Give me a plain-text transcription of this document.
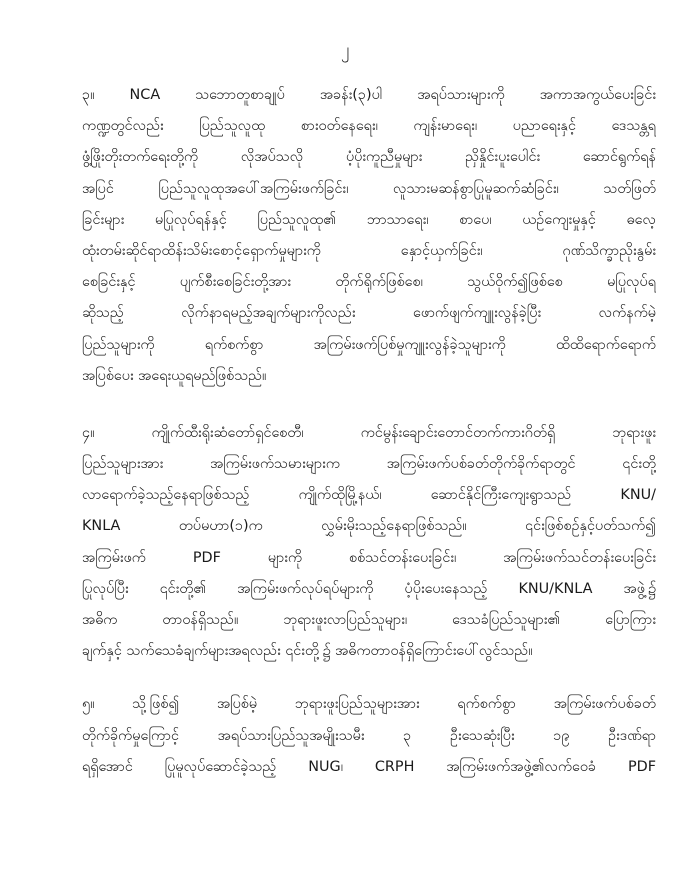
၂
၃။ NCA သဘောတူစာချုပ် အခန်း(၃)ပါ အရပ်သားများကို အကာအကွယ်ပေးခြင်း
ကဏ္ဍတွင်လည်း ပြည်သူလူထု စားဝတ်နေရေး၊ ကျန်းမာရေး၊ ပညာရေးနှင့် ဒေသန္တရ
ဖွံ့ဖြိုးတိုးတက်ရေးတို့ကို လိုအပ်သလို ပံ့ပိုးကူညီမှုများ ညှိနှိုင်းပူးပေါင်း ဆောင်ရွက်ရန်
အပြင် ပြည်သူလူထုအပေါ်အကြမ်းဖက်ခြင်း၊ လူသားမဆန်စွာပြုမူဆက်ဆံခြင်း၊ သတ်ဖြတ်
ခြင်းများ မပြုလုပ်ရန်နှင့် ပြည်သူလူထု၏ ဘာသာရေး၊ စာပေ၊ ယဉ်ကျေးမှုနှင့် ဓလေ့
ထုံးတမ်းဆိုင်ရာထိန်းသိမ်းစောင့်ရှောက်မှုများကို နှောင့်ယှက်ခြင်း၊ ဂုဏ်သိက္ခာညိုးနွမ်း
စေခြင်းနှင့် ပျက်စီးစေခြင်းတို့အား တိုက်ရိုက်ဖြစ်စေ၊ သွယ်ဝိုက်၍ဖြစ်စေ မပြုလုပ်ရ
ဆိုသည့် လိုက်နာရမည့်အချက်များကိုလည်း ဖောက်ဖျက်ကျူးလွန်ခဲ့ပြီး လက်နက်မဲ့
ပြည်သူများကို ရက်စက်စွာ အကြမ်းဖက်ပြစ်မှုကျူးလွန်ခဲ့သူများကို ထိထိရောက်ရောက်
အပြစ်ပေး အရေးယူရမည်ဖြစ်သည်။
၄။ ကျိုက်ထီးရိုးဆံတော်ရှင်စေတီ၊ ကင်မွန်းချောင်းတောင်တက်ကားဂိတ်ရှိ ဘုရားဖူး
ပြည်သူများအား အကြမ်းဖက်သမားများက အကြမ်းဖက်ပစ်ခတ်တိုက်ခိုက်ရာတွင် ၎င်းတို့
လာရောက်ခဲ့သည့်နေရာဖြစ်သည့် ကျိုက်ထိုမြို့နယ်၊ ဆောင်နိုင်ကြီးကျေးရွာသည် KNU/
KNLA တပ်မဟာ(၁)က လွှမ်းမိုးသည့်နေရာဖြစ်သည်။ ၎င်းဖြစ်စဉ်နှင့်ပတ်သက်၍
အကြမ်းဖက် PDF များကို စစ်သင်တန်းပေးခြင်း၊ အကြမ်းဖက်သင်တန်းပေးခြင်း
ပြုလုပ်ပြီး ၎င်းတို့၏ အကြမ်းဖက်လုပ်ရပ်များကို ပံ့ပိုးပေးနေသည့် KNU/KNLA အဖွဲ့၌
အဓိက တာဝန်ရှိသည်။ ဘုရားဖူးလာပြည်သူများ၊ ဒေသခံပြည်သူများ၏ ပြောကြား
ချက်နှင့် သက်သေခံချက်များအရလည်း ၎င်းတို့၌ အဓိကတာဝန်ရှိကြောင်းပေါ်လွင်သည်။
၅။ သို့ဖြစ်၍ အပြစ်မဲ့ ဘုရားဖူးပြည်သူများအား ရက်စက်စွာ အကြမ်းဖက်ပစ်ခတ်
တိုက်ခိုက်မှုကြောင့် အရပ်သားပြည်သူအမျိုးသမီး ၃ ဦးသေဆုံးပြီး ၁၉ ဦးဒဏ်ရာ
ရရှိအောင် ပြုမူလုပ်ဆောင်ခဲ့သည့် NUG၊ CRPH အကြမ်းဖက်အဖွဲ့၏လက်ဝေခံ PDF
